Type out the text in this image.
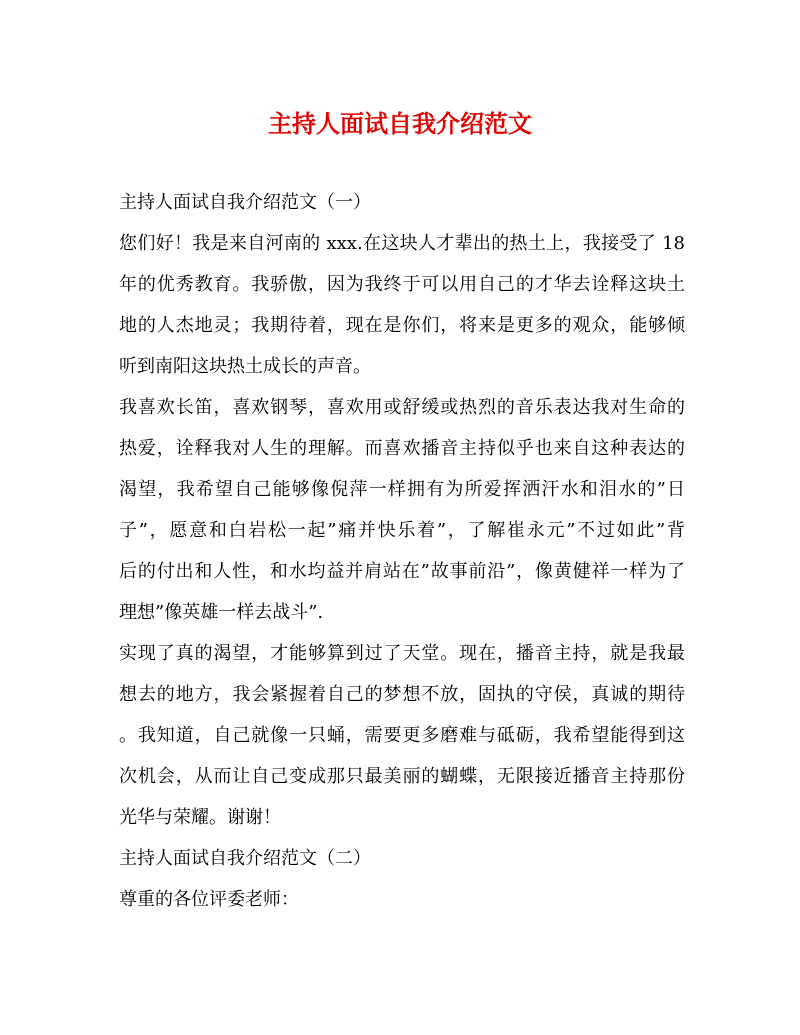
主持人面试自我介绍范文
主持人面试自我介绍范文（一）
您们好！我是来自河南的 xxx.在这块人才辈出的热土上，我接受了 18
年的优秀教育。我骄傲，因为我终于可以用自己的才华去诠释这块土
地的人杰地灵；我期待着，现在是你们，将来是更多的观众，能够倾
听到南阳这块热土成长的声音。
我喜欢长笛，喜欢钢琴，喜欢用或舒缓或热烈的音乐表达我对生命的
热爱，诠释我对人生的理解。而喜欢播音主持似乎也来自这种表达的
渴望，我希望自己能够像倪萍一样拥有为所爱挥洒汗水和泪水的”日
子”，愿意和白岩松一起”痛并快乐着”，了解崔永元”不过如此”背
后的付出和人性，和水均益并肩站在”故事前沿”，像黄健祥一样为了
理想”像英雄一样去战斗”.
实现了真的渴望，才能够算到过了天堂。现在，播音主持，就是我最
想去的地方，我会紧握着自己的梦想不放，固执的守侯，真诚的期待
。我知道，自己就像一只蛹，需要更多磨难与砥砺，我希望能得到这
次机会，从而让自己变成那只最美丽的蝴蝶，无限接近播音主持那份
光华与荣耀。谢谢！
主持人面试自我介绍范文（二）
尊重的各位评委老师：
